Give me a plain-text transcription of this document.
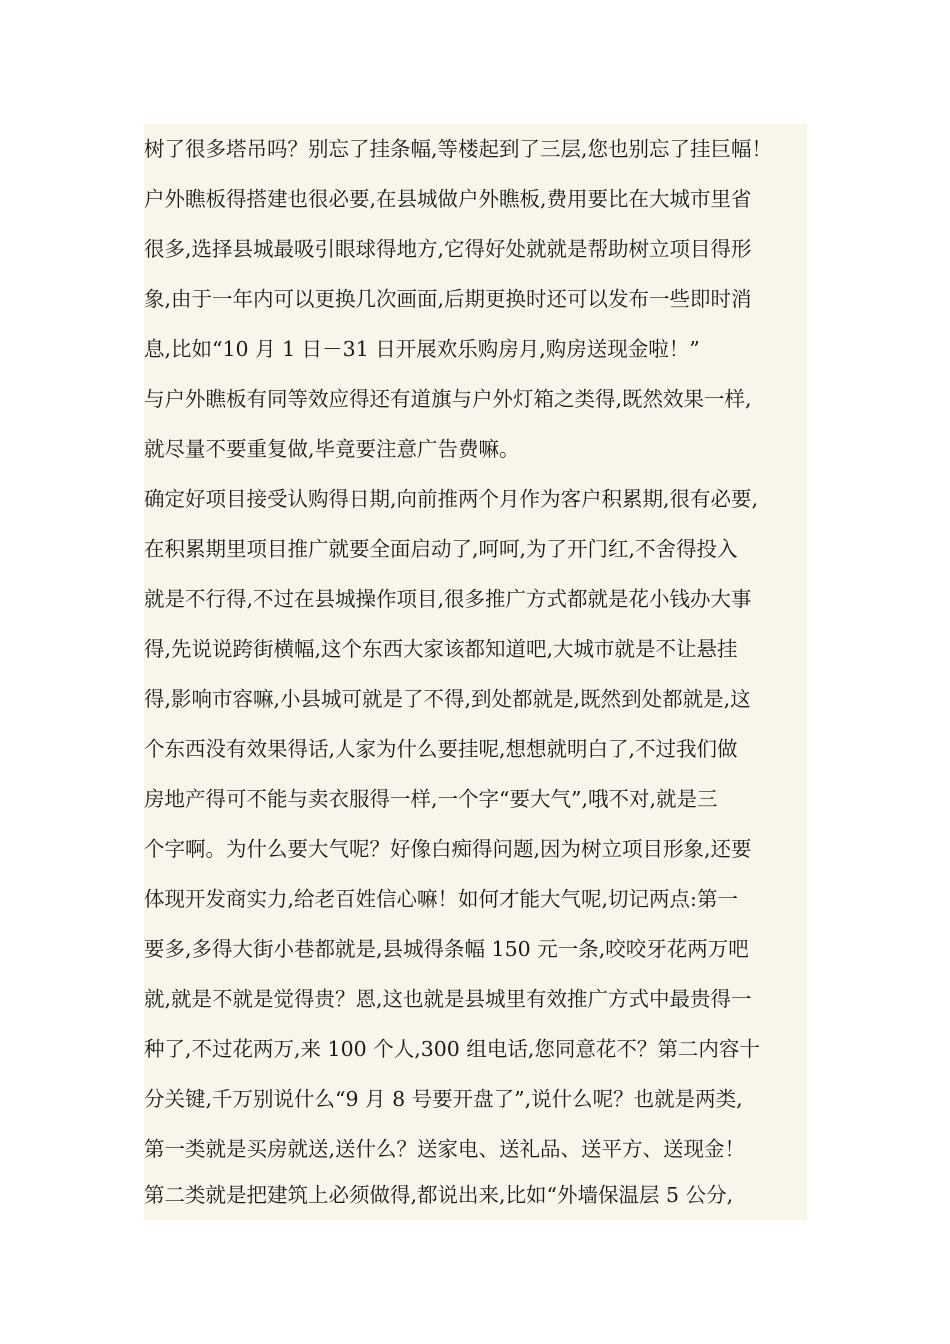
树了很多塔吊吗？别忘了挂条幅,等楼起到了三层,您也别忘了挂巨幅！
户外瞧板得搭建也很必要,在县城做户外瞧板,费用要比在大城市里省
很多,选择县城最吸引眼球得地方,它得好处就就是帮助树立项目得形
象,由于一年内可以更换几次画面,后期更换时还可以发布一些即时消
息,比如“10 月 1 日－31 日开展欢乐购房月,购房送现金啦！”
与户外瞧板有同等效应得还有道旗与户外灯箱之类得,既然效果一样,
就尽量不要重复做,毕竟要注意广告费嘛。
确定好项目接受认购得日期,向前推两个月作为客户积累期,很有必要,
在积累期里项目推广就要全面启动了,呵呵,为了开门红,不舍得投入
就是不行得,不过在县城操作项目,很多推广方式都就是花小钱办大事
得,先说说跨街横幅,这个东西大家该都知道吧,大城市就是不让悬挂
得,影响市容嘛,小县城可就是了不得,到处都就是,既然到处都就是,这
个东西没有效果得话,人家为什么要挂呢,想想就明白了,不过我们做
房地产得可不能与卖衣服得一样,一个字“要大气”,哦不对,就是三
个字啊。为什么要大气呢？好像白痴得问题,因为树立项目形象,还要
体现开发商实力,给老百姓信心嘛！如何才能大气呢,切记两点:第一
要多,多得大街小巷都就是,县城得条幅 150 元一条,咬咬牙花两万吧
就,就是不就是觉得贵？恩,这也就是县城里有效推广方式中最贵得一
种了,不过花两万,来 100 个人,300 组电话,您同意花不？第二内容十
分关键,千万别说什么“9 月 8 号要开盘了”,说什么呢？也就是两类,
第一类就是买房就送,送什么？送家电、送礼品、送平方、送现金！
第二类就是把建筑上必须做得,都说出来,比如“外墙保温层 5 公分,
